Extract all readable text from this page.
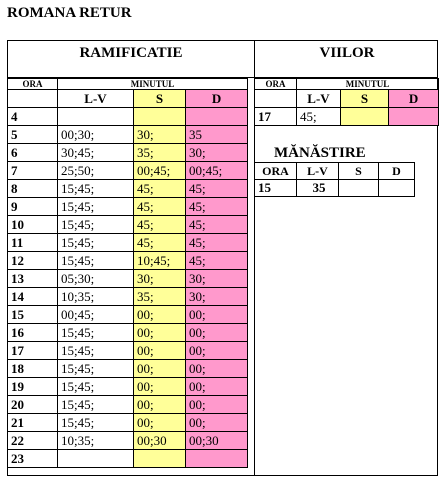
ROMANA RETUR
RAMIFICATIE	VIILOR
ORA	MINUTUL		
	L-V	S	D
4			
5	00;30;	30;	35
6	30;45;	35;	30;
7	25;50;	00;45;	00;45;
8	15;45;	45;	45;
9	15;45;	45;	45;
10	15;45;	45;	45;
11	15;45;	45;	45;
12	15;45;	10;45;	45;
13	05;30;	30;	30;
14	10;35;	35;	30;
15	00;45;	00;	00;
16	15;45;	00;	00;
17	15;45;	00;	00;
18	15;45;	00;	00;
19	15;45;	00;	00;
20	15;45;	00;	00;
21	15;45;	00;	00;
22	10;35;	00;30	00;30
23			
ORA	MINUTUL		
	L-V	S	D
17	45;		
MĂNĂSTIRE
ORA	L-V	S	D
15	35		
